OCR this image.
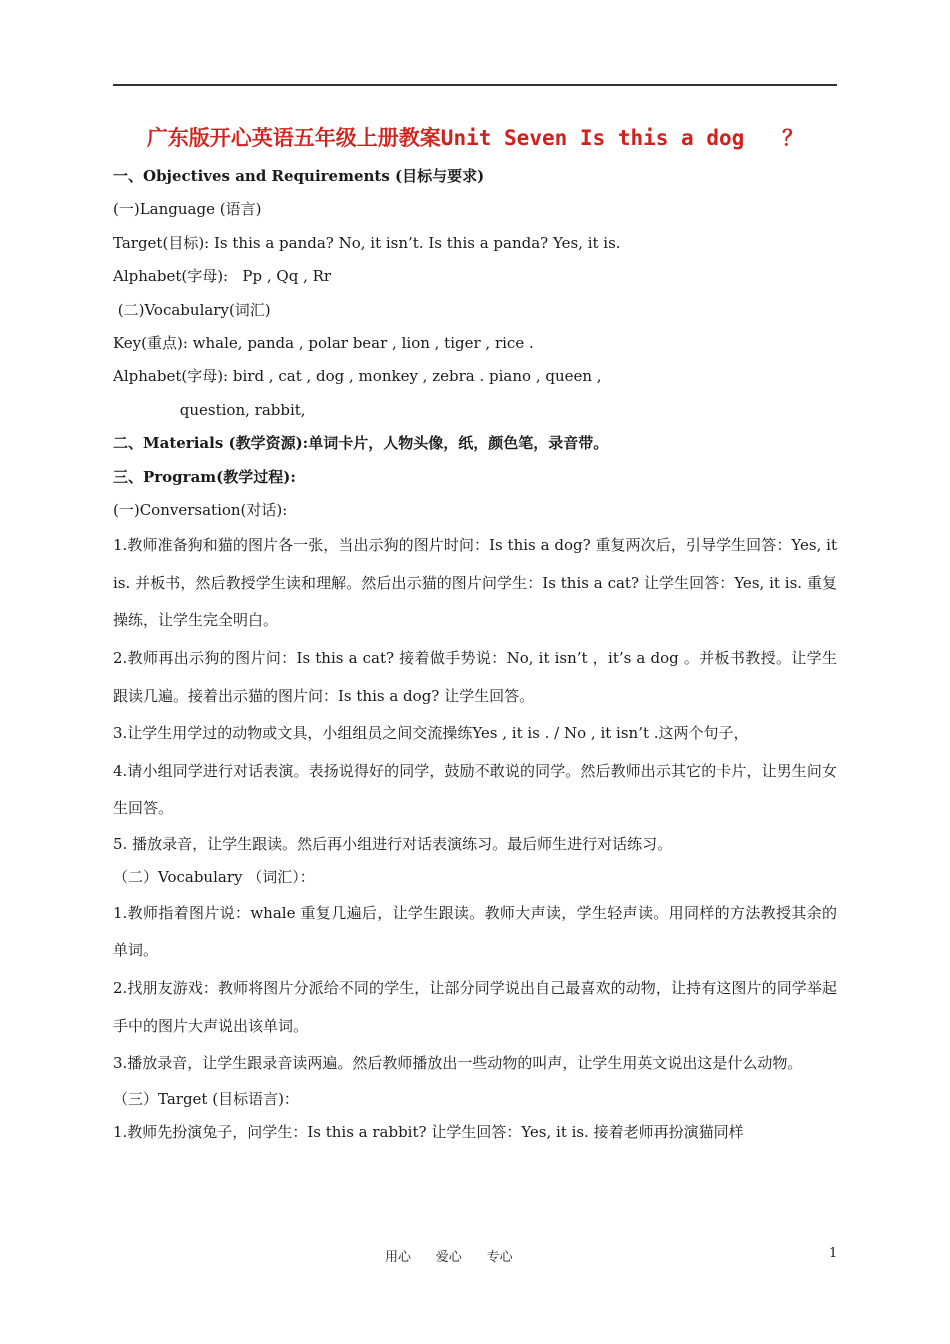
广东版开心英语五年级上册教案Unit Seven Is this a dog   ？
一、Objectives and Requirements (目标与要求)
(一)Language (语言)
Target(目标): Is this a panda? No, it isn’t. Is this a panda? Yes, it is.
Alphabet(字母):   Pp , Qq , Rr
(二)Vocabulary(词汇)
Key(重点): whale, panda , polar bear , lion , tiger , rice .
Alphabet(字母): bird , cat , dog , monkey , zebra . piano , queen ,
question, rabbit,
二、Materials (教学资源):单词卡片，人物头像，纸，颜色笔，录音带。
三、Program(教学过程):
(一)Conversation(对话):
1.教师准备狗和猫的图片各一张，当出示狗的图片时问：Is this a dog? 重复两次后，引导学生回答：Yes, it is. 并板书，然后教授学生读和理解。然后出示猫的图片问学生：Is this a cat? 让学生回答：Yes, it is. 重复操练，让学生完全明白。
2.教师再出示狗的图片问：Is this a cat? 接着做手势说：No, it isn’t ，it’s a dog 。并板书教授。让学生跟读几遍。接着出示猫的图片问：Is this a dog? 让学生回答。
3.让学生用学过的动物或文具，小组组员之间交流操练Yes , it is . / No , it isn’t .这两个句子，
4.请小组同学进行对话表演。表扬说得好的同学，鼓励不敢说的同学。然后教师出示其它的卡片，让男生问女生回答。
5. 播放录音，让学生跟读。然后再小组进行对话表演练习。最后师生进行对话练习。
（二）Vocabulary （词汇）：
1.教师指着图片说：whale 重复几遍后，让学生跟读。教师大声读，学生轻声读。用同样的方法教授其余的单词。
2.找朋友游戏：教师将图片分派给不同的学生，让部分同学说出自己最喜欢的动物，让持有这图片的同学举起手中的图片大声说出该单词。
3.播放录音，让学生跟录音读两遍。然后教师播放出一些动物的叫声，让学生用英文说出这是什么动物。
（三）Target (目标语言)：
1.教师先扮演兔子，问学生：Is this a rabbit? 让学生回答：Yes, it is. 接着老师再扮演猫同样
用心      爱心      专心	1
